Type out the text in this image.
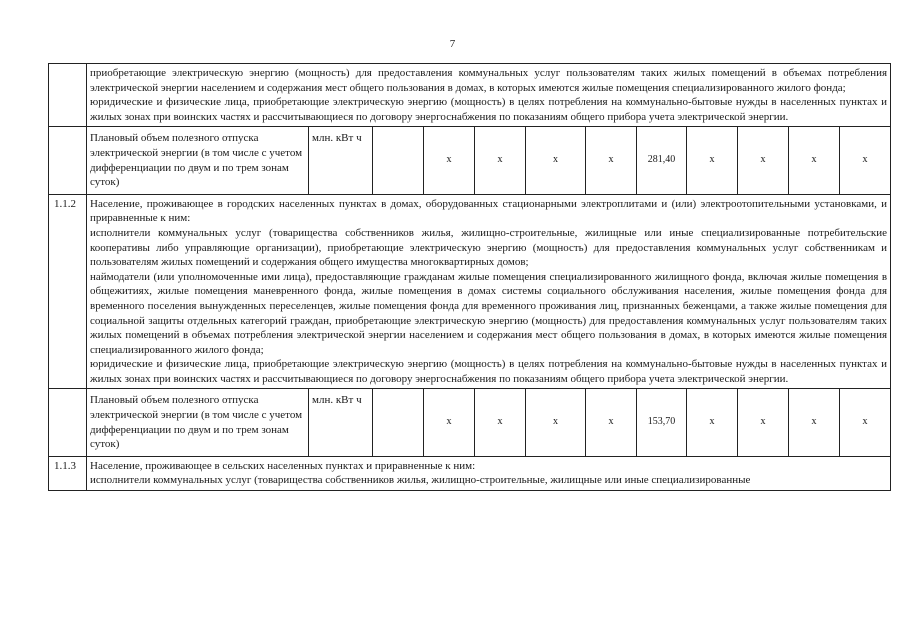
7

	приобретающие электрическую энергию (мощность) для предоставления коммунальных услуг пользователям таких жилых помещений в объемах потребления электрической энергии населением и содержания мест общего пользования в домах, в которых имеются жилые помещения специализированного жилого фонда;

юридические и физические лица, приобретающие электрическую энергию (мощность) в целях потребления на коммунально-бытовые нужды в населенных пунктах и жилых зонах при воинских частях и рассчитывающиеся по договору энергоснабжения по показаниям общего прибора учета электрической энергии.											

	Плановый объем полезного отпуска электрической энергии (в том числе с учетом дифференциации по двум и по трем зонам суток)	млн. кВт ч		x	x	x	x	281,40	x	x	x	x
1.1.2	Население, проживающее в городских населенных пунктах в домах, оборудованных стационарными электроплитами и (или) электроотопительными установками, и приравненные к ним:

исполнители коммунальных услуг (товарищества собственников жилья, жилищно-строительные, жилищные или иные специализированные потребительские кооперативы либо управляющие организации), приобретающие электрическую энергию (мощность) для предоставления коммунальных услуг собственникам и пользователям жилых помещений и содержания общего имущества многоквартирных домов;

наймодатели (или уполномоченные ими лица), предоставляющие гражданам жилые помещения специализированного жилищного фонда, включая жилые помещения в общежитиях, жилые помещения маневренного фонда, жилые помещения в домах системы социального обслуживания населения, жилые помещения фонда для временного поселения вынужденных переселенцев, жилые помещения фонда для временного проживания лиц, признанных беженцами, а также жилые помещения для социальной защиты отдельных категорий граждан, приобретающие электрическую энергию (мощность) для предоставления коммунальных услуг пользователям таких жилых помещений в объемах потребления электрической энергии населением и содержания мест общего пользования в домах, в которых имеются жилые помещения специализированного жилого фонда;

юридические и физические лица, приобретающие электрическую энергию (мощность) в целях потребления на коммунально-бытовые нужды в населенных пунктах и жилых зонах при воинских частях и рассчитывающиеся по договору энергоснабжения по показаниям общего прибора учета электрической энергии.											

	Плановый объем полезного отпуска электрической энергии (в том числе с учетом дифференциации по двум и по трем зонам суток)	млн. кВт ч		x	x	x	x	153,70	x	x	x	x
1.1.3	Население, проживающее в сельских населенных пунктах и приравненные к ним:

исполнители коммунальных услуг (товарищества собственников жилья, жилищно-строительные, жилищные или иные специализированные											
